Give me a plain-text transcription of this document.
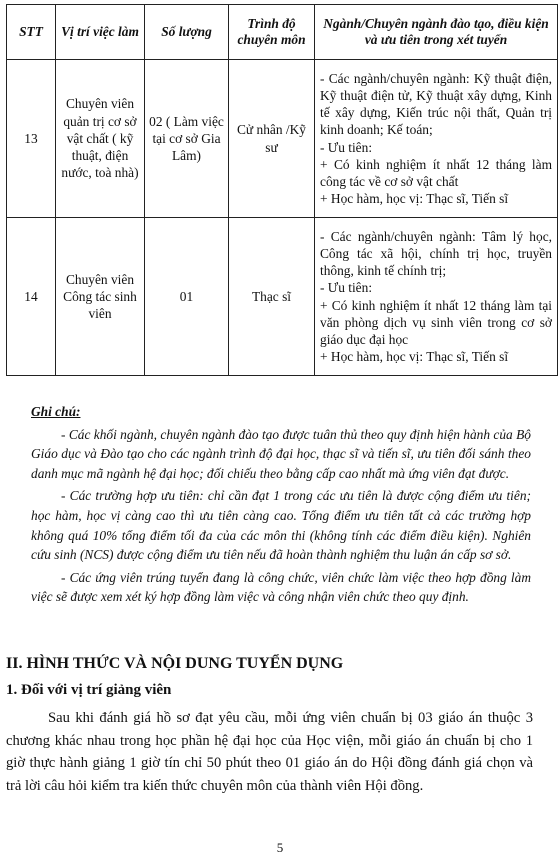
STT	Vị trí việc làm	Số lượng	Trình độ chuyên môn	Ngành/Chuyên ngành đào tạo, điều kiện và ưu tiên trong xét tuyển
13	Chuyên viên quản trị cơ sở vật chất ( kỹ thuật, điện nước, toà nhà)	02 ( Làm việc tại cơ sở Gia Lâm)	Cử nhân /Kỹ sư	- Các ngành/chuyên ngành: Kỹ thuật điện, Kỹ thuật điện tử, Kỹ thuật xây dựng, Kinh tế xây dựng, Kiến trúc nội thất, Quản trị kinh doanh; Kế toán;
- Ưu tiên:
+ Có kinh nghiệm ít nhất 12 tháng làm công tác về cơ sở vật chất
+ Học hàm, học vị: Thạc sĩ, Tiến sĩ

14	Chuyên viên Công tác sinh viên	01	Thạc sĩ	- Các ngành/chuyên ngành: Tâm lý học, Công tác xã hội, chính trị học, truyền thông, kinh tế chính trị;
- Ưu tiên:
+ Có kinh nghiệm ít nhất 12 tháng làm tại văn phòng dịch vụ sinh viên trong cơ sở giáo dục đại học
+ Học hàm, học vị: Thạc sĩ, Tiến sĩ
Ghi chú:

- Các khối ngành, chuyên ngành đào tạo được tuân thủ theo quy định hiện hành của Bộ Giáo dục và Đào tạo cho các ngành trình độ đại học, thạc sĩ và tiến sĩ, ưu tiên đối sánh theo danh mục mã ngành hệ đại học; đối chiếu theo bằng cấp cao nhất mà ứng viên đạt được.

- Các trường hợp ưu tiên: chỉ cần đạt 1 trong các ưu tiên là được cộng điểm ưu tiên; học hàm, học vị càng cao thì ưu tiên càng cao. Tổng điểm ưu tiên tất cả các trường hợp không quá 10% tổng điểm tối đa của các môn thi (không tính các điểm điều kiện). Nghiên cứu sinh (NCS) được cộng điểm ưu tiên nếu đã hoàn thành nghiệm thu luận án cấp sơ sở.

- Các ứng viên trúng tuyển đang là công chức, viên chức làm việc theo hợp đồng làm việc sẽ được xem xét ký hợp đồng làm việc và công nhận viên chức theo quy định.

II. HÌNH THỨC VÀ NỘI DUNG TUYỂN DỤNG
1. Đối với vị trí giảng viên

Sau khi đánh giá hồ sơ đạt yêu cầu, mỗi ứng viên chuẩn bị 03 giáo án thuộc 3 chương khác nhau trong học phần hệ đại học của Học viện, mỗi giáo án chuẩn bị cho 1 giờ thực hành giảng 1 giờ tín chỉ 50 phút theo 01 giáo án do Hội đồng đánh giá chọn và trả lời câu hỏi kiểm tra kiến thức chuyên môn của thành viên Hội đồng.

5
